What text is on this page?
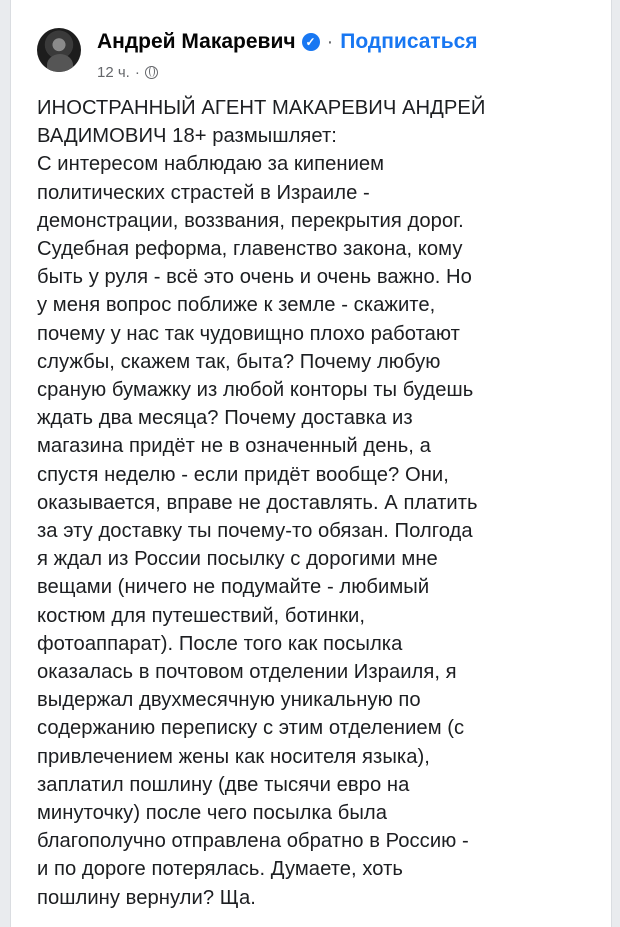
Андрей Макаревич ✓ · Подписаться
12 ч. ·
ИНОСТРАННЫЙ АГЕНТ МАКАРЕВИЧ АНДРЕЙ
ВАДИМОВИЧ 18+ размышляет:
С интересом наблюдаю за кипением
политических страстей в Израиле -
демонстрации, воззвания, перекрытия дорог.
Судебная реформа, главенство закона, кому
быть у руля - всё это очень и очень важно. Но
у меня вопрос поближе к земле - скажите,
почему у нас так чудовищно плохо работают
службы, скажем так, быта? Почему любую
сраную бумажку из любой конторы ты будешь
ждать два месяца? Почему доставка из
магазина придёт не в означенный день, а
спустя неделю - если придёт вообще? Они,
оказывается, вправе не доставлять. А платить
за эту доставку ты почему-то обязан. Полгода
я ждал из России посылку с дорогими мне
вещами (ничего не подумайте - любимый
костюм для путешествий, ботинки,
фотоаппарат). После того как посылка
оказалась в почтовом отделении Израиля, я
выдержал двухмесячную уникальную по
содержанию переписку с этим отделением (с
привлечением жены как носителя языка),
заплатил пошлину (две тысячи евро на
минуточку) после чего посылка была
благополучно отправлена обратно в Россию -
и по дороге потерялась. Думаете, хоть
пошлину вернули? Ща.
